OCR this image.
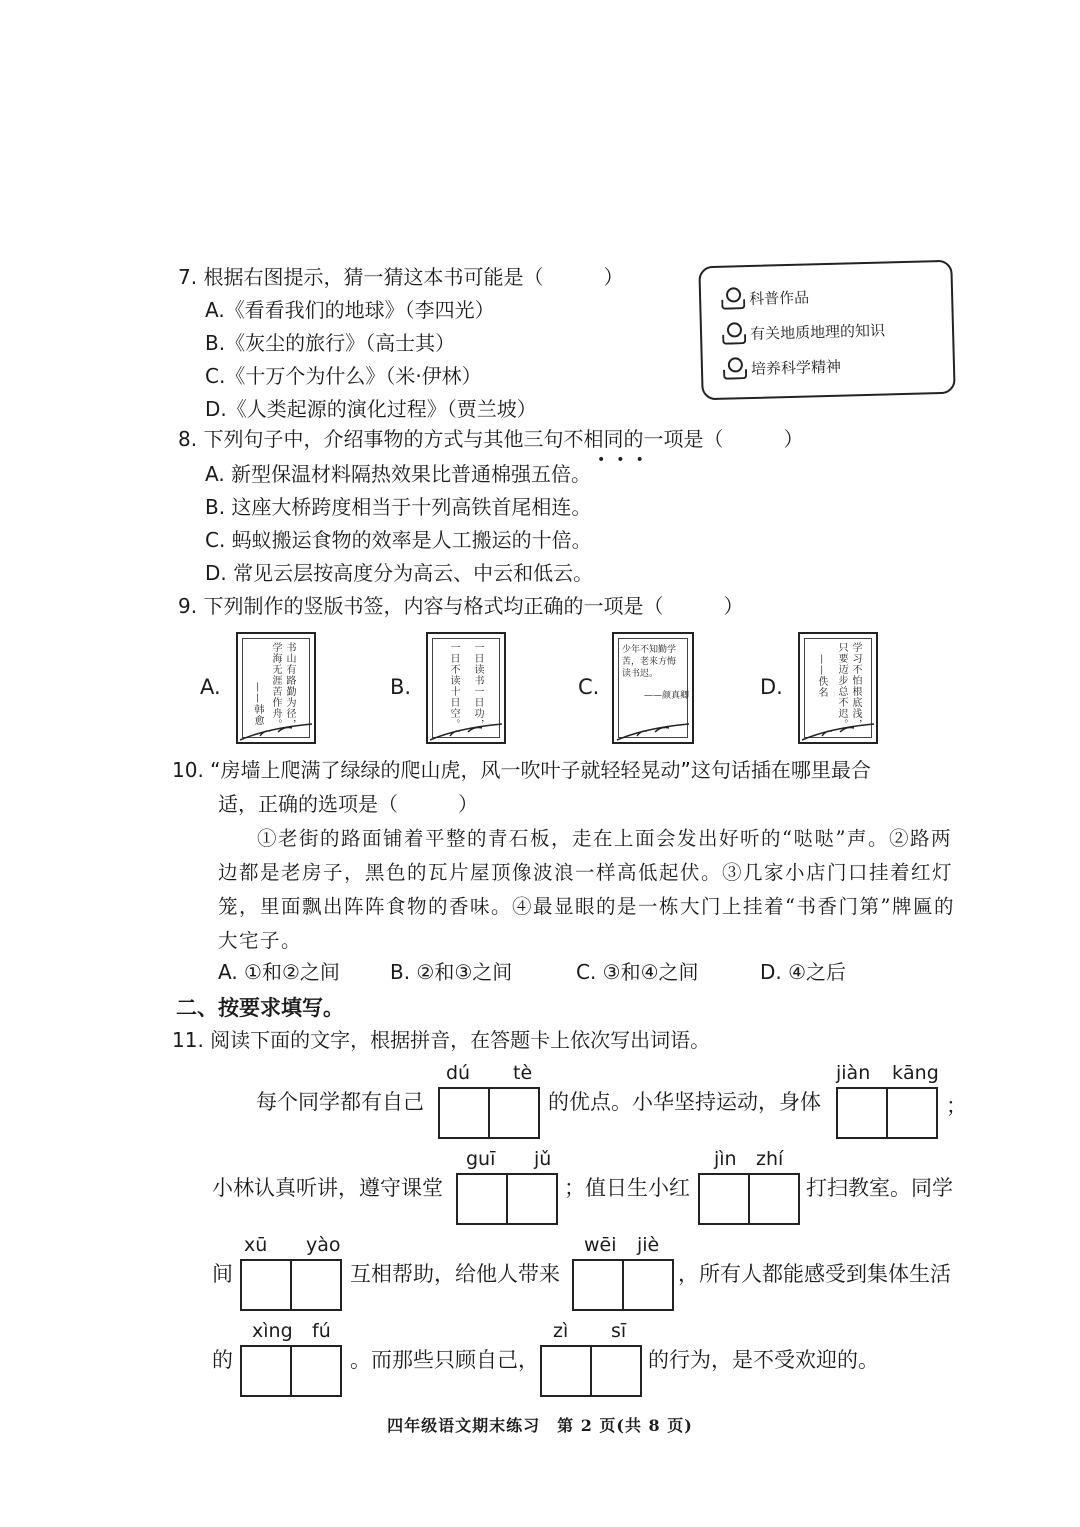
7. 根据右图提示，猜一猜这本书可能是（　　　）
A.《看看我们的地球》（李四光）
B.《灰尘的旅行》（高士其）
C.《十万个为什么》（米·伊林）
D.《人类起源的演化过程》（贾兰坡）
科普作品
有关地质地理的知识
培养科学精神
8. 下列句子中，介绍事物的方式与其他三句不相同的一项是（　　　）
•••
A. 新型保温材料隔热效果比普通棉强五倍。
B. 这座大桥跨度相当于十列高铁首尾相连。
C. 蚂蚁搬运食物的效率是人工搬运的十倍。
D. 常见云层按高度分为高云、中云和低云。
9. 下列制作的竖版书签，内容与格式均正确的一项是（　　　）
A.	书山有路勤为径，
学海无涯苦作舟。
——韩愈	B.	一日读书一日功，
一日不读十日空。	C.
少年不知勤学苦，老来方悔读书迟。
——颜真卿	D.	学习不怕根底浅，
只要迈步总不迟。
——佚名
10. “房墙上爬满了绿绿的爬山虎，风一吹叶子就轻轻晃动”这句话插在哪里最合
适，正确的选项是（　　　）
①老街的路面铺着平整的青石板，走在上面会发出好听的“哒哒”声。②路两边都是老房子，黑色的瓦片屋顶像波浪一样高低起伏。③几家小店门口挂着红灯笼，里面飘出阵阵食物的香味。④最显眼的是一栋大门上挂着“书香门第”牌匾的大宅子。
A. ①和②之间	B. ②和③之间	C. ③和④之间	D. ④之后
二、按要求填写。
11. 阅读下面的文字，根据拼音，在答题卡上依次写出词语。
每个同学都有自己
dú tè
的优点。小华坚持运动，身体
jiàn kāng
；
小林认真听讲，遵守课堂
guī jǔ
；值日生小红
jìn zhí
打扫教室。同学
间
xū yào
互相帮助，给他人带来
wēi jiè
，所有人都能感受到集体生活
的
xìng fú
。而那些只顾自己，
zì sī
的行为，是不受欢迎的。
四年级语文期末练习　第 2 页(共 8 页)
